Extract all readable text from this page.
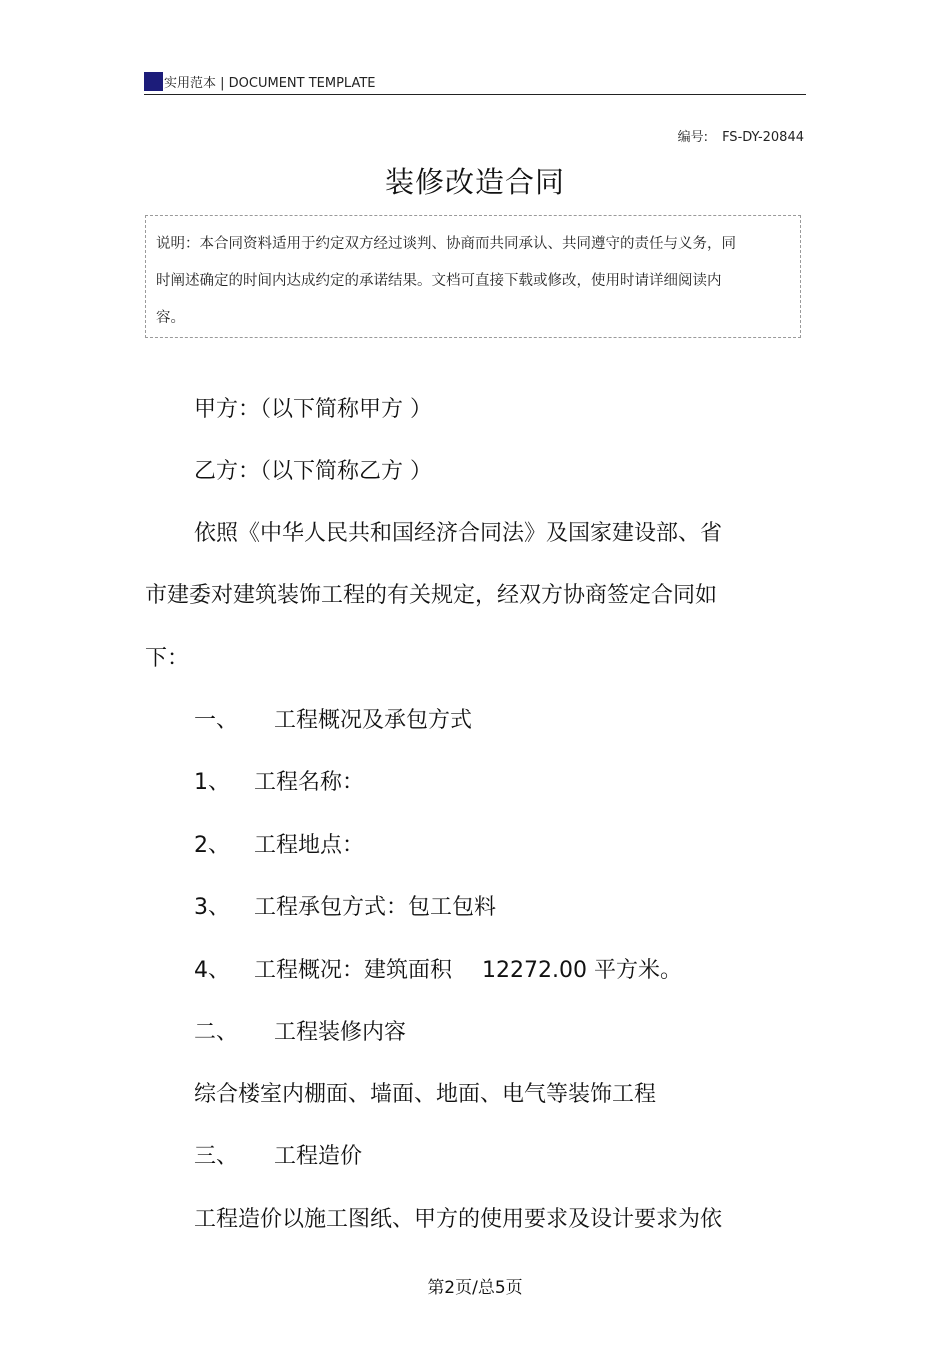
实用范本 | DOCUMENT TEMPLATE
编号: FS-DY-20844
装修改造合同
说明：本合同资料适用于约定双方经过谈判、协商而共同承认、共同遵守的责任与义务，同时阐述确定的时间内达成约定的承诺结果。文档可直接下载或修改，使用时请详细阅读内容。
甲方：（以下简称甲方 ）
乙方：（以下简称乙方 ）
依照《中华人民共和国经济合同法》及国家建设部、省
市建委对建筑装饰工程的有关规定，经双方协商签定合同如
下：
一、 工程概况及承包方式
1、 工程名称：
2、 工程地点：
3、 工程承包方式：包工包料
4、 工程概况：建筑面积 12272.00 平方米。
二、 工程装修内容
综合楼室内棚面、墙面、地面、电气等装饰工程
三、 工程造价
工程造价以施工图纸、甲方的使用要求及设计要求为依
第2页/总5页
